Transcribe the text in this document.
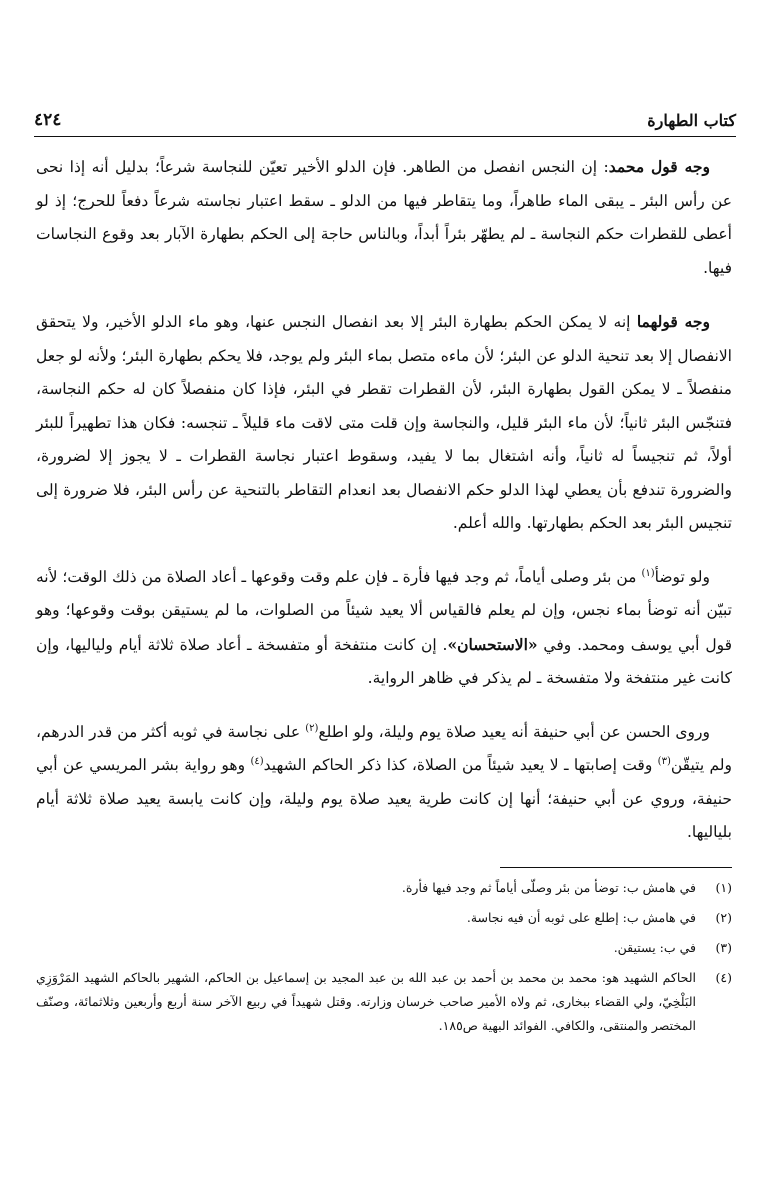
كتاب الطهارة
٤٢٤

وجه قول محمد: إن النجس انفصل من الطاهر. فإن الدلو الأخير تعيّن للنجاسة شرعاً؛ بدليل أنه إذا نحى عن رأس البئر ـ يبقى الماء طاهراً، وما يتقاطر فيها من الدلو ـ سقط اعتبار نجاسته شرعاً دفعاً للحرج؛ إذ لو أعطى للقطرات حكم النجاسة ـ لم يطهّر بئراً أبداً، وبالناس حاجة إلى الحكم بطهارة الآبار بعد وقوع النجاسات فيها.

وجه قولهما إنه لا يمكن الحكم بطهارة البئر إلا بعد انفصال النجس عنها، وهو ماء الدلو الأخير، ولا يتحقق الانفصال إلا بعد تنحية الدلو عن البئر؛ لأن ماءه متصل بماء البئر ولم يوجد، فلا يحكم بطهارة البئر؛ ولأنه لو جعل منفصلاً ـ لا يمكن القول بطهارة البئر، لأن القطرات تقطر في البئر، فإذا كان منفصلاً كان له حكم النجاسة، فتنجّس البئر ثانياً؛ لأن ماء البئر قليل، والنجاسة وإن قلت متى لاقت ماء قليلاً ـ تنجسه: فكان هذا تطهيراً للبئر أولاً، ثم تنجيساً له ثانياً، وأنه اشتغال بما لا يفيد، وسقوط اعتبار نجاسة القطرات ـ لا يجوز إلا لضرورة، والضرورة تندفع بأن يعطي لهذا الدلو حكم الانفصال بعد انعدام التقاطر بالتنحية عن رأس البئر، فلا ضرورة إلى تنجيس البئر بعد الحكم بطهارتها. والله أعلم.

ولو توضأ$^{(١)}$ من بئر وصلى أياماً، ثم وجد فيها فأرة ـ فإن علم وقت وقوعها ـ أعاد الصلاة من ذلك الوقت؛ لأنه تبيّن أنه توضأ بماء نجس، وإن لم يعلم فالقياس ألا يعيد شيئاً من الصلوات، ما لم يستيقن بوقت وقوعها؛ وهو قول أبي يوسف ومحمد. وفي «الاستحسان». إن كانت منتفخة أو متفسخة ـ أعاد صلاة ثلاثة أيام ولياليها، وإن كانت غير منتفخة ولا متفسخة ـ لم يذكر في ظاهر الرواية.

وروى الحسن عن أبي حنيفة أنه يعيد صلاة يوم وليلة، ولو اطلع$^{(٢)}$ على نجاسة في ثوبه أكثر من قدر الدرهم، ولم يتيقّن$^{(٣)}$ وقت إصابتها ـ لا يعيد شيئاً من الصلاة، كذا ذكر الحاكم الشهيد$^{(٤)}$ وهو رواية بشر المريسي عن أبي حنيفة، وروي عن أبي حنيفة؛ أنها إن كانت طرية يعيد صلاة يوم وليلة، وإن كانت يابسة يعيد صلاة ثلاثة أيام بلياليها.

(١)
في هامش ب: توضأ من بئر وصلّى أياماً ثم وجد فيها فأرة.
(٢)
في هامش ب: إطلع على ثوبه أن فيه نجاسة.
(٣)
في ب: يستيقن.
(٤)
الحاكم الشهيد هو: محمد بن محمد بن أحمد بن عبد الله بن عبد المجيد بن إسماعيل بن الحاكم، الشهير بالحاكم الشهيد المَرْوَزِي البَلْخِيّ، ولي القضاء ببخارى، ثم ولاه الأمير صاحب خرسان وزارته. وقتل شهيداً في ربيع الآخر سنة أربع وأربعين وثلاثمائة، وصنّف المختصر والمنتقى، والكافي. الفوائد البهية ص١٨٥.
